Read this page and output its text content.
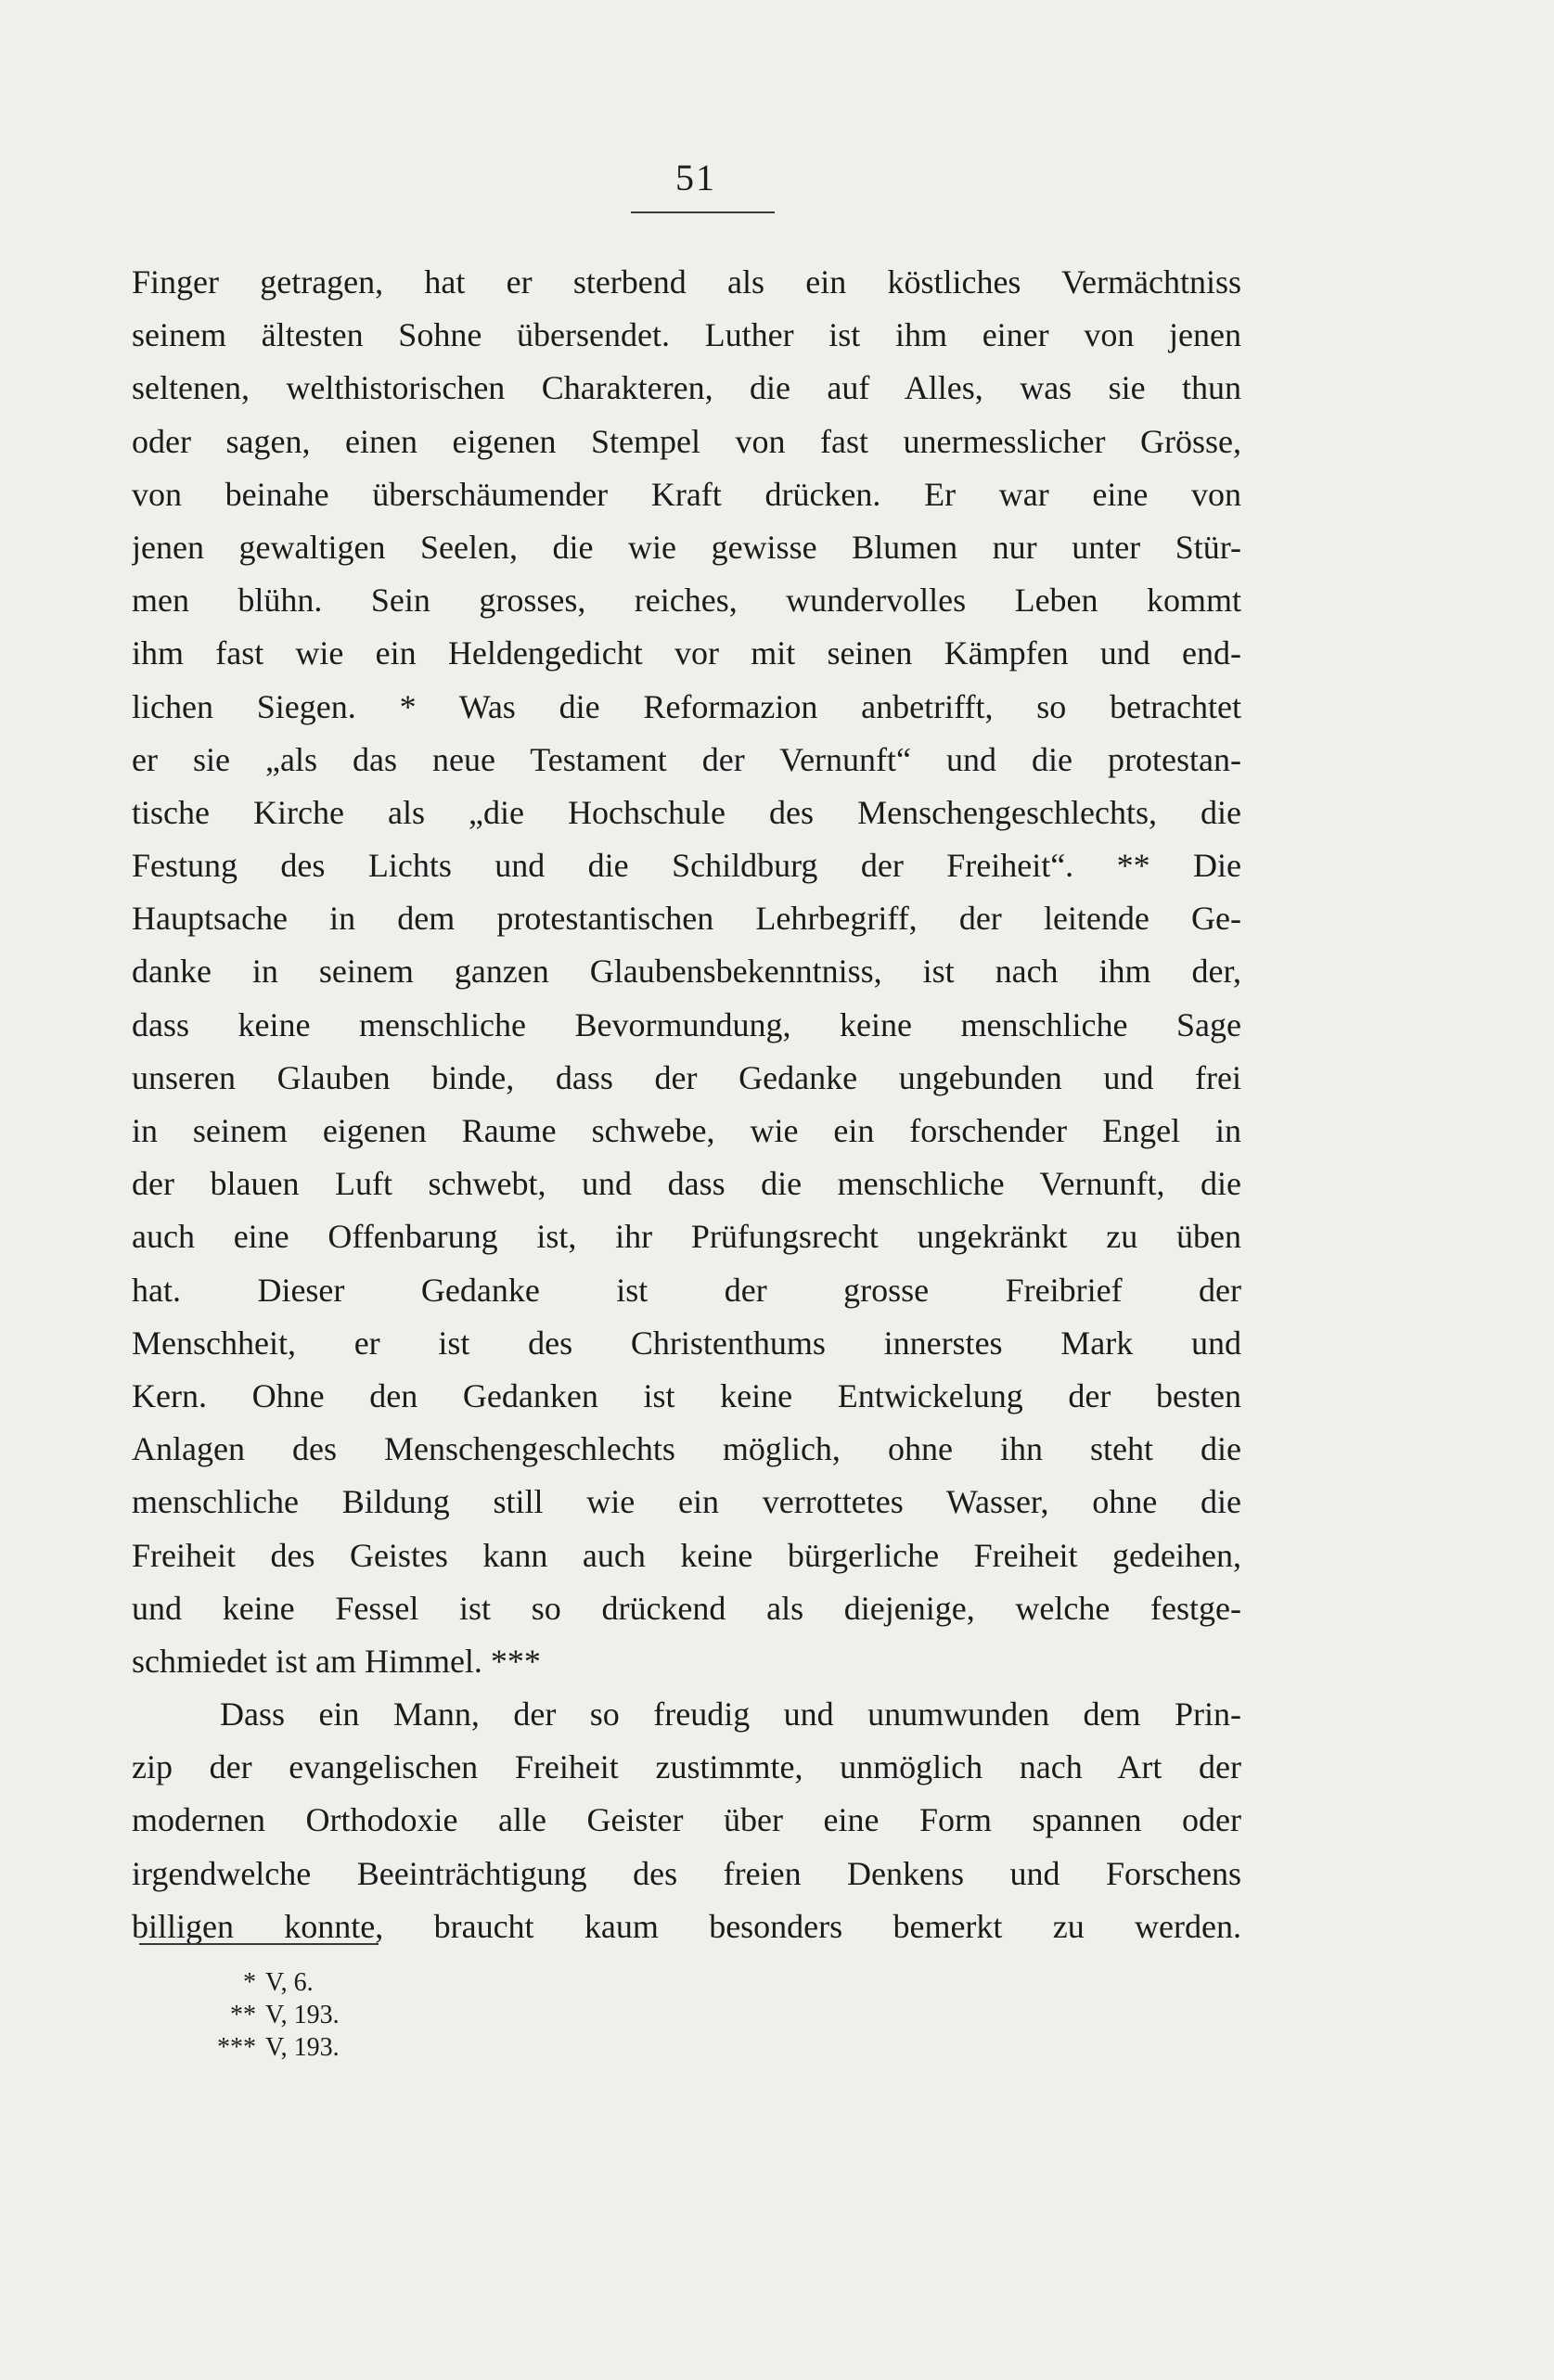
51
Finger getragen, hat er sterbend als ein köstliches Vermächtniss
seinem ältesten Sohne übersendet. Luther ist ihm einer von jenen
seltenen, welthistorischen Charakteren, die auf Alles, was sie thun
oder sagen, einen eigenen Stempel von fast unermesslicher Grösse,
von beinahe überschäumender Kraft drücken. Er war eine von
jenen gewaltigen Seelen, die wie gewisse Blumen nur unter Stür-
men blühn. Sein grosses, reiches, wundervolles Leben kommt
ihm fast wie ein Heldengedicht vor mit seinen Kämpfen und end-
lichen Siegen. * Was die Reformazion anbetrifft, so betrachtet
er sie „als das neue Testament der Vernunft“ und die protestan-
tische Kirche als „die Hochschule des Menschengeschlechts, die
Festung des Lichts und die Schildburg der Freiheit“. ** Die
Hauptsache in dem protestantischen Lehrbegriff, der leitende Ge-
danke in seinem ganzen Glaubensbekenntniss, ist nach ihm der,
dass keine menschliche Bevormundung, keine menschliche Sage
unseren Glauben binde, dass der Gedanke ungebunden und frei
in seinem eigenen Raume schwebe, wie ein forschender Engel in
der blauen Luft schwebt, und dass die menschliche Vernunft, die
auch eine Offenbarung ist, ihr Prüfungsrecht ungekränkt zu üben
hat. Dieser Gedanke ist der grosse Freibrief der
Menschheit, er ist des Christenthums innerstes Mark und
Kern. Ohne den Gedanken ist keine Entwickelung der besten
Anlagen des Menschengeschlechts möglich, ohne ihn steht die
menschliche Bildung still wie ein verrottetes Wasser, ohne die
Freiheit des Geistes kann auch keine bürgerliche Freiheit gedeihen,
und keine Fessel ist so drückend als diejenige, welche festge-
schmiedet ist am Himmel. ***
Dass ein Mann, der so freudig und unumwunden dem Prin-
zip der evangelischen Freiheit zustimmte, unmöglich nach Art der
modernen Orthodoxie alle Geister über eine Form spannen oder
irgendwelche Beeinträchtigung des freien Denkens und Forschens
billigen konnte, braucht kaum besonders bemerkt zu werden.
* V, 6.
** V, 193.
*** V, 193.
